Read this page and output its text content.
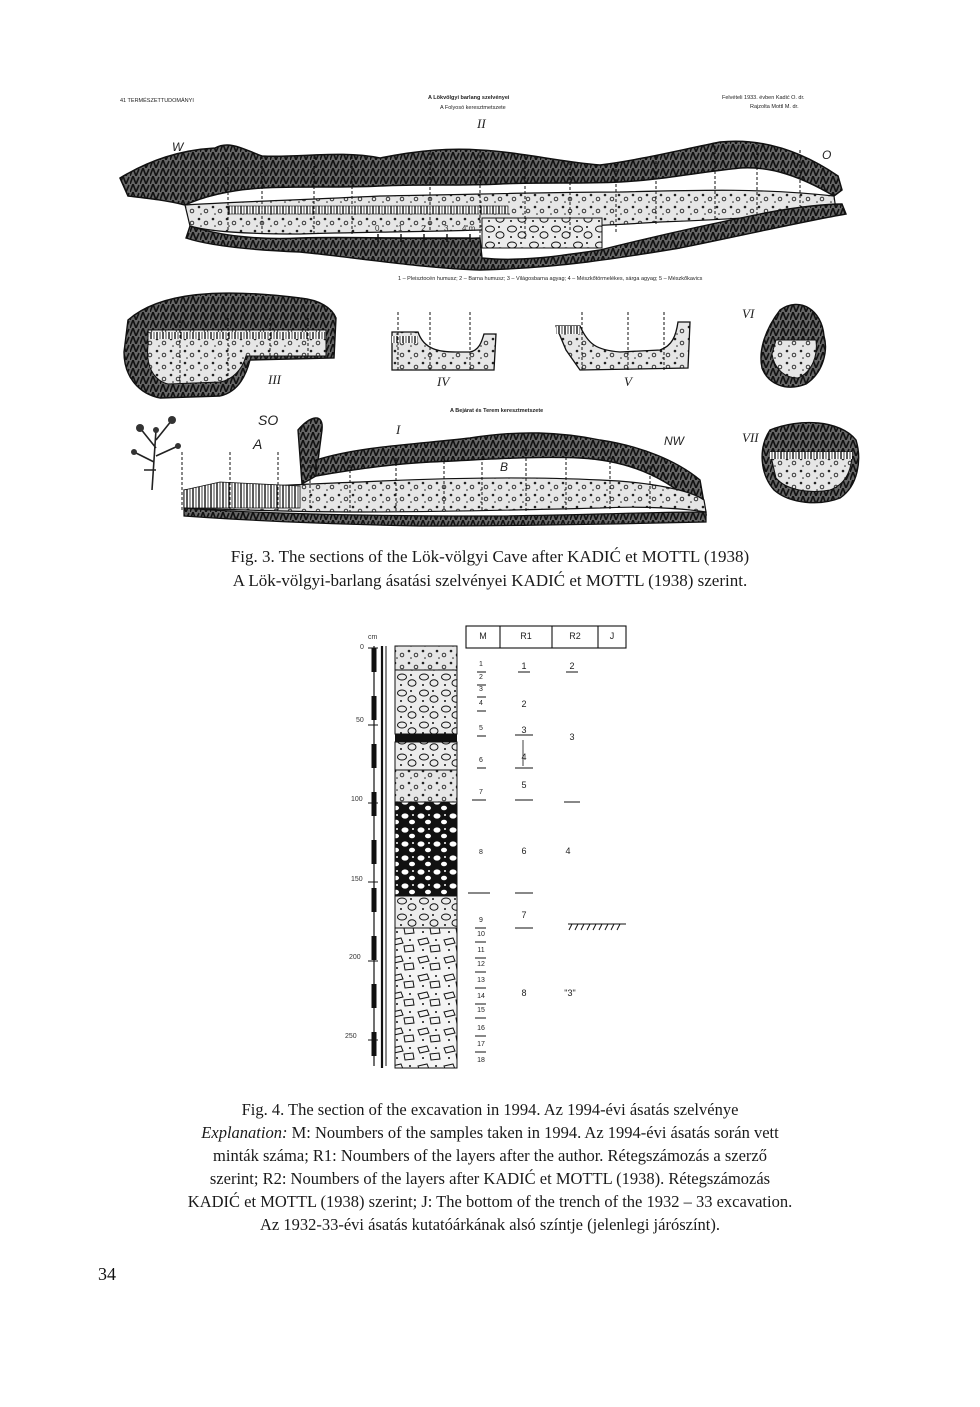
41 TERMÉSZETTUDOMÁNYI	A Lökvölgyi barlang szelvényei
A Folyosó keresztmetszete
Felvételi 1933. évben Kadić O. dr.
Rajzolta Mottl M. dr.
II
W
O
0 1 2 3 4 m
1 – Pleisztocén humusz; 2 – Barna humusz; 3 – Világosbarna agyag; 4 – Mészkőtörmelékes, sárga agyag; 5 – Mészkőkavics
III	IV	V
VI
VII
A Bejárat és Terem keresztmetszete
SO
I
A
B
NW
Fig. 3. The sections of the Lök-völgyi Cave after KADIĆ et MOTTL (1938)
A Lök-völgyi-barlang ásatási szelvényei KADIĆ et MOTTL (1938) szerint.
cm
0
50
100
150
200
250
M	R1	R2	J
1
2
3
4
5
6
7
8
9
10
11
12
13
14
15
16
17
18
1
2
3
4
5
6
7
8
2
3
4
"3"
Fig. 4. The section of the excavation in 1994. Az 1994-évi ásatás szelvénye
Explanation: M: Noumbers of the samples taken in 1994. Az 1994-évi ásatás során vett
minták száma; R1: Noumbers of the layers after the author. Rétegszámozás a szerző
szerint; R2: Noumbers of the layers after KADIĆ et MOTTL (1938). Rétegszámozás
KADIĆ et MOTTL (1938) szerint; J: The bottom of the trench of the 1932 – 33 excavation.
Az 1932-33-évi ásatás kutatóárkának alsó színtje (jelenlegi járószínt).
34
